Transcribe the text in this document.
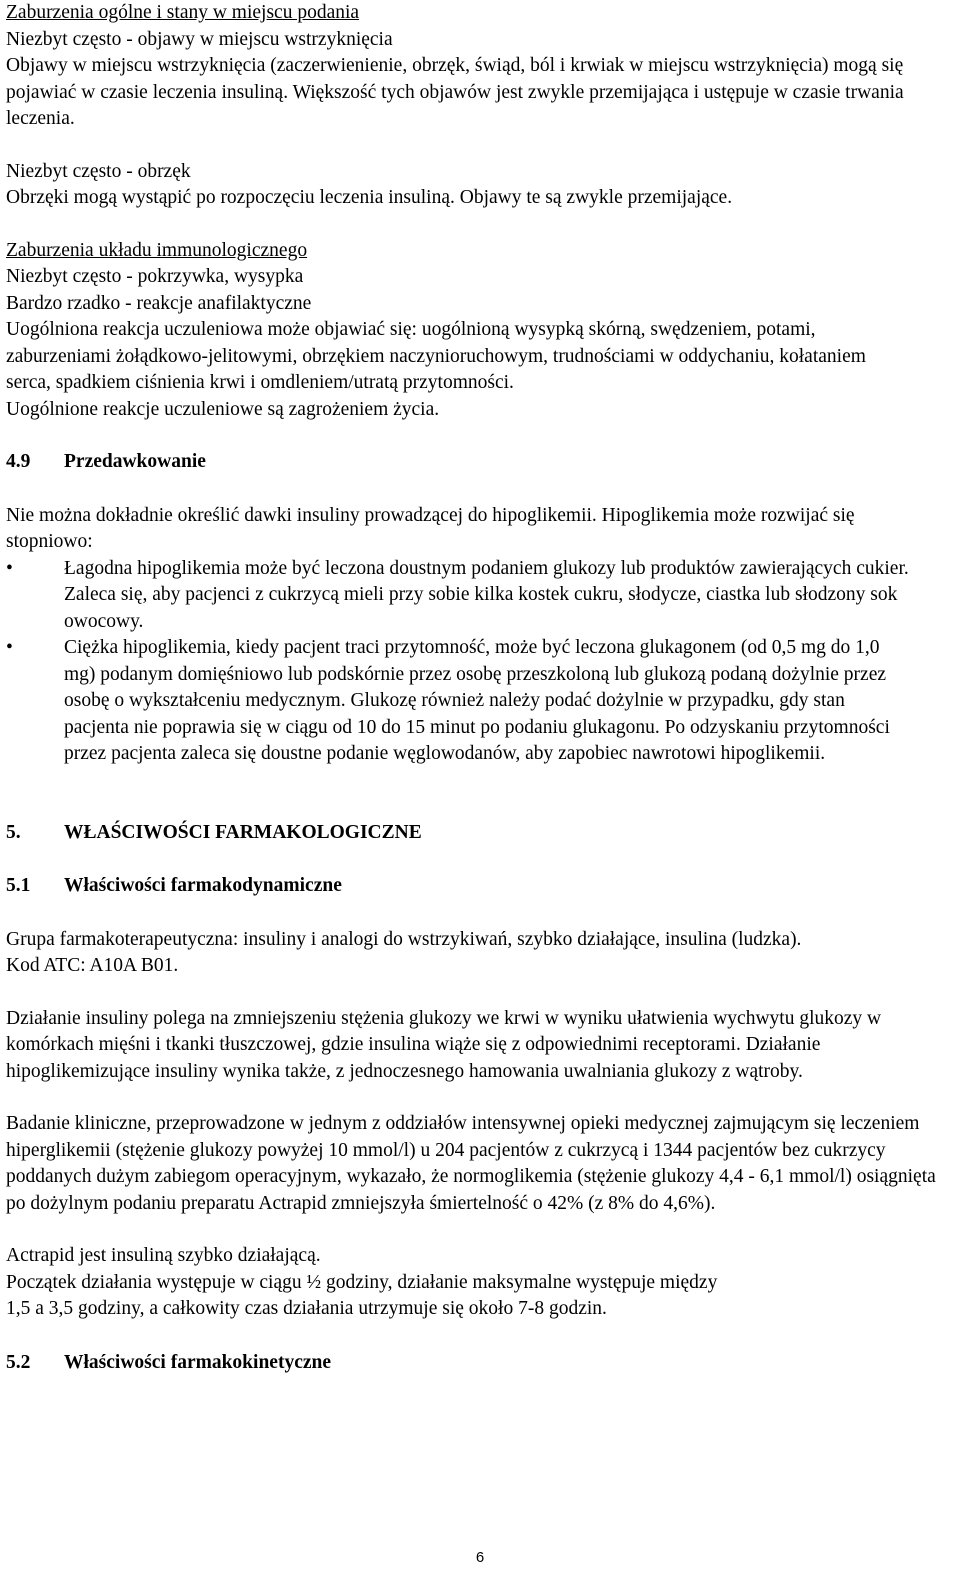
Zaburzenia ogólne i stany w miejscu podania

Niezbyt często - objawy w miejscu wstrzyknięcia

Objawy w miejscu wstrzyknięcia (zaczerwienienie, obrzęk, świąd, ból i krwiak w miejscu wstrzyknięcia) mogą się pojawiać w czasie leczenia insuliną. Większość tych objawów jest zwykle przemijająca i ustępuje w czasie trwania leczenia.

Niezbyt często - obrzęk

Obrzęki mogą wystąpić po rozpoczęciu leczenia insuliną. Objawy te są zwykle przemijające.

Zaburzenia układu immunologicznego

Niezbyt często - pokrzywka, wysypka

Bardzo rzadko - reakcje anafilaktyczne

Uogólniona reakcja uczuleniowa może objawiać się: uogólnioną wysypką skórną, swędzeniem, potami, zaburzeniami żołądkowo-jelitowymi, obrzękiem naczynioruchowym, trudnościami w oddychaniu, kołataniem serca, spadkiem ciśnienia krwi i omdleniem/utratą przytomności.

Uogólnione reakcje uczuleniowe są zagrożeniem życia.

4.9	Przedawkowanie

Nie można dokładnie określić dawki insuliny prowadzącej do hipoglikemii. Hipoglikemia może rozwijać się stopniowo:

•	Łagodna hipoglikemia może być leczona doustnym podaniem glukozy lub produktów zawierających cukier. Zaleca się, aby pacjenci z cukrzycą mieli przy sobie kilka kostek cukru, słodycze, ciastka lub słodzony sok owocowy.
•	Ciężka hipoglikemia, kiedy pacjent traci przytomność, może być leczona glukagonem (od 0,5 mg do 1,0 mg) podanym domięśniowo lub podskórnie przez osobę przeszkoloną lub glukozą podaną dożylnie przez osobę o wykształceniu medycznym. Glukozę również należy podać dożylnie w przypadku, gdy stan pacjenta nie poprawia się w ciągu od 10 do 15 minut po podaniu glukagonu. Po odzyskaniu przytomności przez pacjenta zaleca się doustne podanie węglowodanów, aby zapobiec nawrotowi hipoglikemii.
5.	WŁAŚCIWOŚCI FARMAKOLOGICZNE
5.1	Właściwości farmakodynamiczne

Grupa farmakoterapeutyczna: insuliny i analogi do wstrzykiwań, szybko działające, insulina (ludzka).

Kod ATC: A10A B01.

Działanie insuliny polega na zmniejszeniu stężenia glukozy we krwi w wyniku ułatwienia wychwytu glukozy w komórkach mięśni i tkanki tłuszczowej, gdzie insulina wiąże się z odpowiednimi receptorami. Działanie hipoglikemizujące insuliny wynika także, z jednoczesnego hamowania uwalniania glukozy z wątroby.

Badanie kliniczne, przeprowadzone w jednym z oddziałów intensywnej opieki medycznej zajmującym się leczeniem hiperglikemii (stężenie glukozy powyżej 10 mmol/l) u 204 pacjentów z cukrzycą i 1344 pacjentów bez cukrzycy poddanych dużym zabiegom operacyjnym, wykazało, że normoglikemia (stężenie glukozy 4,4 - 6,1 mmol/l) osiągnięta po dożylnym podaniu preparatu Actrapid zmniejszyła śmiertelność o 42% (z 8% do 4,6%).

Actrapid jest insuliną szybko działającą.

Początek działania występuje w ciągu ½ godziny, działanie maksymalne występuje między

1,5 a 3,5 godziny, a całkowity czas działania utrzymuje się około 7-8 godzin.

5.2	Właściwości farmakokinetyczne
6
